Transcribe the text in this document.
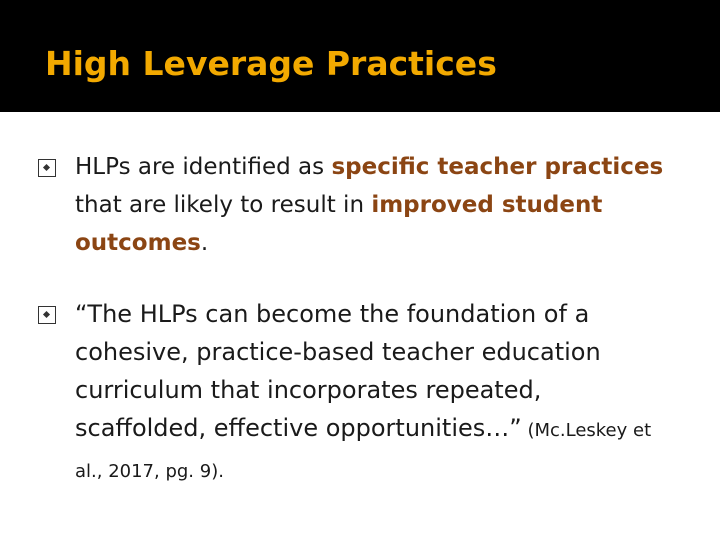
High Leverage Practices
HLPs are identified as specific teacher practices that are likely to result in improved student outcomes.
“The HLPs can become the foundation of a cohesive, practice-based teacher education curriculum that incorporates repeated, scaffolded, effective opportunities…” (Mc.Leskey et al., 2017, pg. 9).
